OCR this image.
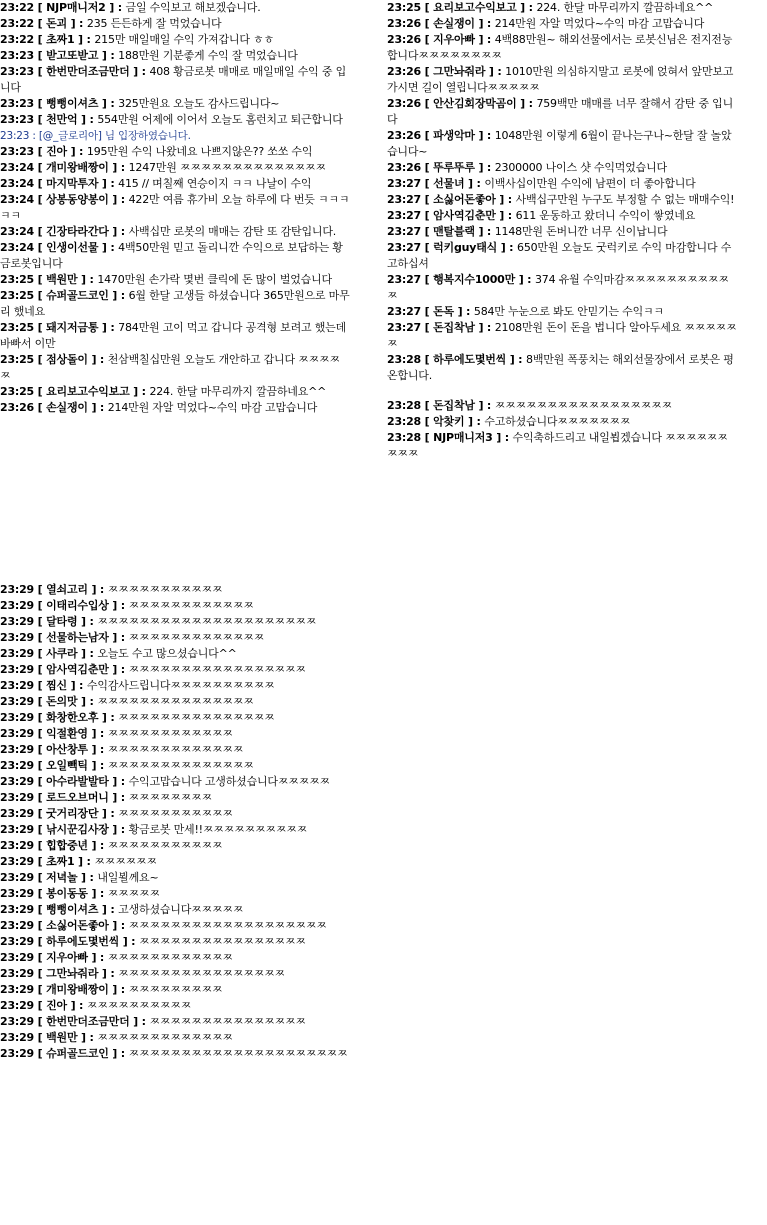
23:22 [ NJP매니저2 ] : 금일 수익보고 해보겠습니다.

23:22 [ 돈괴 ] : 235 든든하게 잘 먹었습니다

23:22 [ 초짜1 ] : 215만 매일매일 수익 가져갑니다 ㅎㅎ

23:23 [ 받고또받고 ] : 188만원 기분좋게 수익 잘 먹었습니다

23:23 [ 한번만더조금만더 ] : 408 황금로봇 매매로 매일매일 수익 중 입니다

23:23 [ 뻥뻥이셔츠 ] : 325만원요 오늘도 감사드립니다~

23:23 [ 천만억 ] : 554만원 어제에 이어서 오늘도 홈런치고 퇴근합니다

23:23 : [@_글로리아] 님 입장하였습니다.

23:23 [ 진아 ] : 195만원 수익 나왔네요 나쁘지않은?? 쏘쏘 수익

23:24 [ 개미왕배짱이 ] : 1247만원 ㅉㅉㅉㅉㅉㅉㅉㅉㅉㅉㅉㅉㅉㅉ

23:24 [ 마지막투자 ] : 415 // 며칠째 연승이지 ㅋㅋ 나날이 수익

23:24 [ 상봉동양봉이 ] : 422만 여름 휴가비 오늘 하루에 다 번듯 ㅋㅋㅋㅋㅋ

23:24 [ 긴장타라간다 ] : 사백십만 로봇의 매매는 감탄 또 감탄입니다.

23:24 [ 인생이선물 ] : 4백50만원 믿고 돌리니깐 수익으로 보답하는 황금로봇입니다

23:25 [ 백원만 ] : 1470만원 손가락 몇번 클릭에 돈 많이 벌었습니다

23:25 [ 슈퍼골드코인 ] : 6월 한달 고생들 하셨습니다 365만원으로 마무리 했네요

23:25 [ 돼지저금통 ] : 784만원 고이 먹고 갑니다 공격형 보려고 했는데 바빠서 이만

23:25 [ 점상돌이 ] : 천삼백칠십만원 오늘도 개안하고 갑니다 ㅉㅉㅉㅉㅉ

23:25 [ 요리보고수익보고 ] : 224. 한달 마무리까지 깔끔하네요^^

23:26 [ 손실쟁이 ] : 214만원 자알 먹었다~수익 마감 고맙습니다

23:25 [ 요리보고수익보고 ] : 224. 한달 마무리까지 깔끔하네요^^

23:26 [ 손실쟁이 ] : 214만원 자알 먹었다~수익 마감 고맙습니다

23:26 [ 지우아빠 ] : 4백88만원~ 해외선물에서는 로봇신님은 전지전능합니다ㅉㅉㅉㅉㅉㅉㅉㅉ

23:26 [ 그만놔줘라 ] : 1010만원 의심하지말고 로봇에 얹혀서 앞만보고 가시면 길이 열립니다ㅉㅉㅉㅉㅉ

23:26 [ 안산김회장막곰이 ] : 759백만 매매를 너무 잘해서 감탄 중 입니다

23:26 [ 파생악마 ] : 1048만원 이렇게 6월이 끝나는구나~한달 잘 놀았습니다~

23:26 [ 뚜루뚜루 ] : 2300000 나이스 샷 수익먹었습니다

23:27 [ 선물녀 ] : 이백사십이만원 수익에 남편이 더 좋아합니다

23:27 [ 소싫어돈좋아 ] : 사백십구만원 누구도 부정할 수 없는 매매수익!

23:27 [ 암사역김춘만 ] : 611 운동하고 왔더니 수익이 쌓였네요

23:27 [ 맨탈블랙 ] : 1148만원 돈버니깐 너무 신이납니다

23:27 [ 럭키guy태식 ] : 650만원 오늘도 굿럭키로 수익 마감합니다 수고하십셔

23:27 [ 행복지수1000만 ] : 374 유월 수익마감ㅉㅉㅉㅉㅉㅉㅉㅉㅉㅉㅉ

23:27 [ 돈독 ] : 584만 누눈으로 봐도 안믿기는 수익ㅋㅋ

23:27 [ 돈집착남 ] : 2108만원 돈이 돈을 법니다 알아두세요 ㅉㅉㅉㅉㅉㅉ

23:28 [ 하루에도몇번씩 ] : 8백만원 폭풍치는 해외선물장에서 로봇은 평온합니다.

23:28 [ 돈집착남 ] : ㅉㅉㅉㅉㅉㅉㅉㅉㅉㅉㅉㅉㅉㅉㅉㅉㅉ

23:28 [ 악찾키 ] : 수고하셨습니다ㅉㅉㅉㅉㅉㅉㅉ

23:28 [ NJP매니저3 ] : 수익축하드리고 내일뵙겠습니다 ㅉㅉㅉㅉㅉㅉㅉㅉㅉ

23:29 [ 열쇠고리 ] : ㅉㅉㅉㅉㅉㅉㅉㅉㅉㅉㅉ

23:29 [ 이태리수입상 ] : ㅉㅉㅉㅉㅉㅉㅉㅉㅉㅉㅉㅉ

23:29 [ 달타령 ] : ㅉㅉㅉㅉㅉㅉㅉㅉㅉㅉㅉㅉㅉㅉㅉㅉㅉㅉㅉㅉㅉ

23:29 [ 선물하는남자 ] : ㅉㅉㅉㅉㅉㅉㅉㅉㅉㅉㅉㅉㅉ

23:29 [ 사쿠라 ] : 오늘도 수고 많으셨습니다^^

23:29 [ 암사역김춘만 ] : ㅉㅉㅉㅉㅉㅉㅉㅉㅉㅉㅉㅉㅉㅉㅉㅉㅉ

23:29 [ 찜신 ] : 수익감사드립니다ㅉㅉㅉㅉㅉㅉㅉㅉㅉㅉ

23:29 [ 돈의맛 ] : ㅉㅉㅉㅉㅉㅉㅉㅉㅉㅉㅉㅉㅉㅉㅉ

23:29 [ 화창한오후 ] : ㅉㅉㅉㅉㅉㅉㅉㅉㅉㅉㅉㅉㅉㅉㅉ

23:29 [ 익절환영 ] : ㅉㅉㅉㅉㅉㅉㅉㅉㅉㅉㅉㅉ

23:29 [ 아산창투 ] : ㅉㅉㅉㅉㅉㅉㅉㅉㅉㅉㅉㅉㅉ

23:29 [ 오일빽틱 ] : ㅉㅉㅉㅉㅉㅉㅉㅉㅉㅉㅉㅉㅉㅉ

23:29 [ 아수라발발타 ] : 수익고맙습니다 고생하셨습니다ㅉㅉㅉㅉㅉ

23:29 [ 로드오브머니 ] : ㅉㅉㅉㅉㅉㅉㅉㅉ

23:29 [ 굿거리장단 ] : ㅉㅉㅉㅉㅉㅉㅉㅉㅉㅉㅉ

23:29 [ 낚시꾼김사장 ] : 황금로봇 만세!!ㅉㅉㅉㅉㅉㅉㅉㅉㅉㅉ

23:29 [ 힙합중년 ] : ㅉㅉㅉㅉㅉㅉㅉㅉㅉㅉㅉ

23:29 [ 초짜1 ] : ㅉㅉㅉㅉㅉㅉ

23:29 [ 저녁놀 ] : 내일뵐께요~

23:29 [ 봉이동동 ] : ㅉㅉㅉㅉㅉ

23:29 [ 뻥뻥이셔츠 ] : 고생하셨습니다ㅉㅉㅉㅉㅉ

23:29 [ 소싫어돈좋아 ] : ㅉㅉㅉㅉㅉㅉㅉㅉㅉㅉㅉㅉㅉㅉㅉㅉㅉㅉㅉ

23:29 [ 하루에도몇번씩 ] : ㅉㅉㅉㅉㅉㅉㅉㅉㅉㅉㅉㅉㅉㅉㅉㅉ

23:29 [ 지우아빠 ] : ㅉㅉㅉㅉㅉㅉㅉㅉㅉㅉㅉㅉ

23:29 [ 그만놔줘라 ] : ㅉㅉㅉㅉㅉㅉㅉㅉㅉㅉㅉㅉㅉㅉㅉㅉ

23:29 [ 개미왕배짱이 ] : ㅉㅉㅉㅉㅉㅉㅉㅉㅉ

23:29 [ 진아 ] : ㅉㅉㅉㅉㅉㅉㅉㅉㅉㅉ

23:29 [ 한번만더조금만더 ] : ㅉㅉㅉㅉㅉㅉㅉㅉㅉㅉㅉㅉㅉㅉㅉ

23:29 [ 백원만 ] : ㅉㅉㅉㅉㅉㅉㅉㅉㅉㅉㅉㅉㅉ

23:29 [ 슈퍼골드코인 ] : ㅉㅉㅉㅉㅉㅉㅉㅉㅉㅉㅉㅉㅉㅉㅉㅉㅉㅉㅉㅉㅉ
